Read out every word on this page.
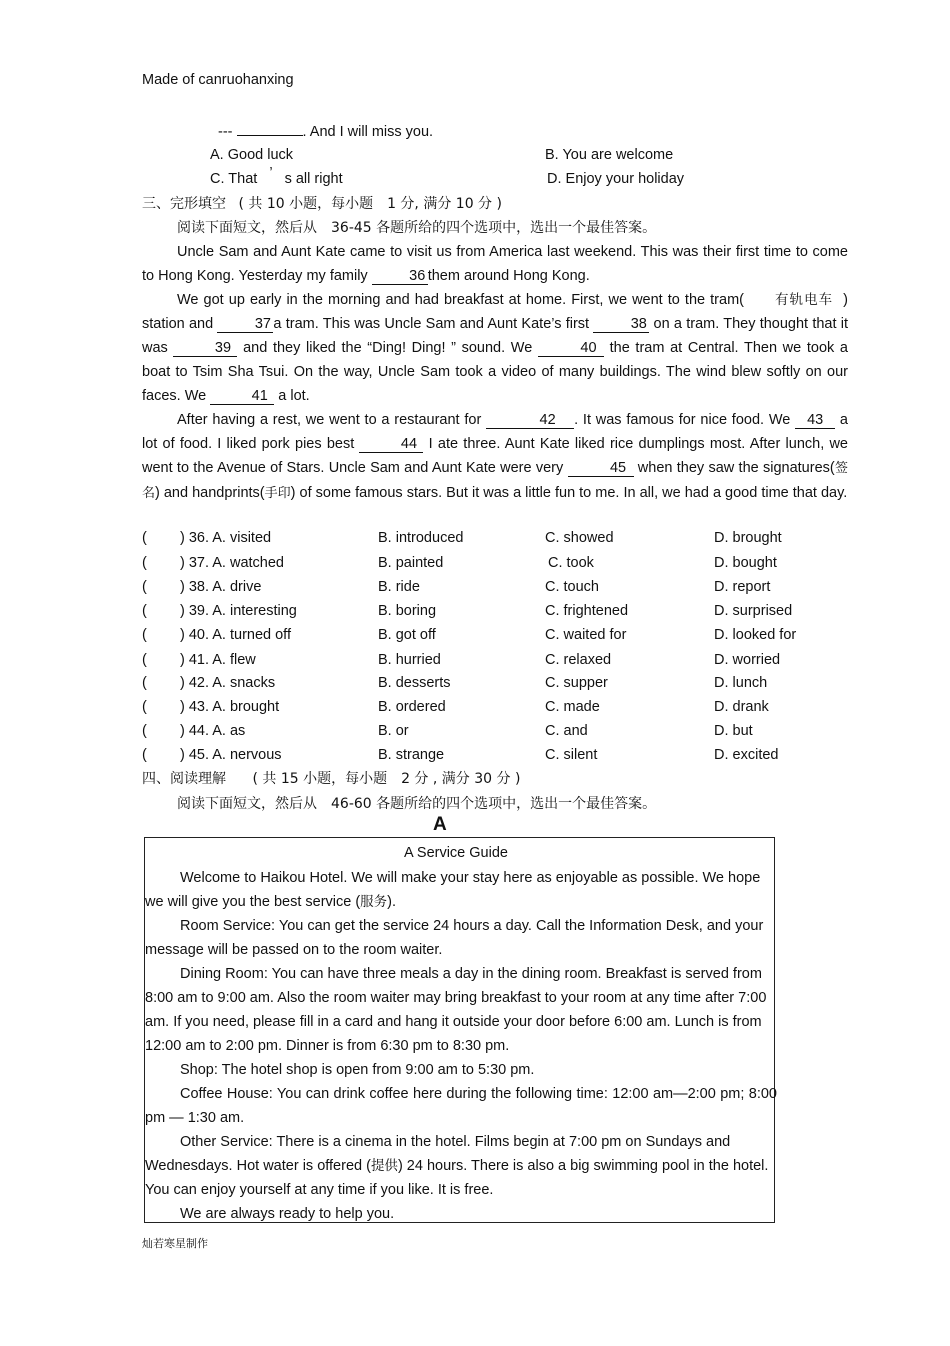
Made of canruohanxing
---	. And I will miss you.
A. Good luck	B. You are welcome
C. That ’ s all right	D. Enjoy your holiday
三、完形填空 ( 共 10 小题，每小题　1 分, 满分 10 分 )
阅读下面短文，然后从　36-45 各题所给的四个选项中，选出一个最佳答案。
Uncle Sam and Aunt Kate came to visit us from America last weekend. This was their first time to come to Hong Kong. Yesterday my family	36 them around Hong Kong.
We got up early in the morning and had breakfast at home. First, we went to the tram( 有轨电车 ) station and	37 a tram. This was Uncle Sam and Aunt Kate’s first	38 on a tram. They thought that it was	39 and they liked the “Ding! Ding! ” sound. We	40 the tram at Central. Then we took a boat to Tsim Sha Tsui. On the way, Uncle Sam took a video of many buildings. The wind blew softly on our faces. We	41 a lot.
After having a rest, we went to a restaurant for	42 . It was famous for nice food. We 43 a lot of food. I liked pork pies best	44 I ate three. Aunt Kate liked rice dumplings most. After lunch, we went to the Avenue of Stars. Uncle Sam and Aunt Kate were very	45 when they saw the signatures(签名) and handprints(手印) of some famous stars. But it was a little fun to me. In all, we had a good time that day.
( ) 36. A. visited	B. introduced	C. showed	D. brought
( ) 37. A. watched	B. painted	C. took	D. bought
( ) 38. A. drive	B. ride	C. touch	D. report
( ) 39. A. interesting	B. boring	C. frightened	D. surprised
( ) 40. A. turned off	B. got off	C. waited for	D. looked for
( ) 41. A. flew	B. hurried	C. relaxed	D. worried
( ) 42. A. snacks	B. desserts	C. supper	D. lunch
( ) 43. A. brought	B. ordered	C. made	D. drank
( ) 44. A. as	B. or	C. and	D. but
( ) 45. A. nervous	B. strange	C. silent	D. excited
四、阅读理解 ( 共 15 小题，每小题　2 分 , 满分 30 分 )
阅读下面短文，然后从　46-60 各题所给的四个选项中，选出一个最佳答案。
A
A Service Guide
Welcome to Haikou Hotel. We will make your stay here as enjoyable as possible. We hope we will give you the best service (服务).
Room Service: You can get the service 24 hours a day. Call the Information Desk, and your message will be passed on to the room waiter.
Dining Room: You can have three meals a day in the dining room. Breakfast is served from 8:00 am to 9:00 am. Also the room waiter may bring breakfast to your room at any time after 7:00 am. If you need, please fill in a card and hang it outside your door before 6:00 am. Lunch is from 12:00 am to 2:00 pm. Dinner is from 6:30 pm to 8:30 pm.
Shop: The hotel shop is open from 9:00 am to 5:30 pm.
Coffee House: You can drink coffee here during the following time: 12:00 am—2:00 pm; 8:00 pm — 1:30 am.
Other Service: There is a cinema in the hotel. Films begin at 7:00 pm on Sundays and Wednesdays. Hot water is offered (提供) 24 hours. There is also a big swimming pool in the hotel. You can enjoy yourself at any time if you like. It is free.
We are always ready to help you.
灿若寒星制作
